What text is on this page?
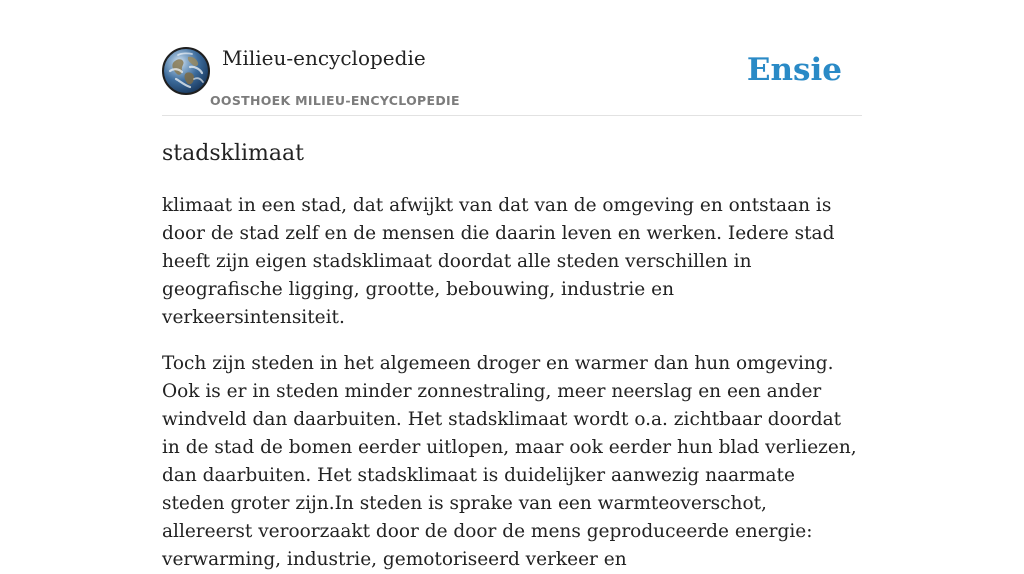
Milieu-encyclopedie
OOSTHOEK MILIEU-ENCYCLOPEDIE
Ensie
stadsklimaat

klimaat in een stad, dat afwijkt van dat van de omgeving en ontstaan is door de stad zelf en de mensen die daarin leven en werken. Iedere stad heeft zijn eigen stadsklimaat doordat alle steden verschillen in geografische ligging, grootte, bebouwing, industrie en verkeersintensiteit.

Toch zijn steden in het algemeen droger en warmer dan hun omgeving. Ook is er in steden minder zonnestraling, meer neerslag en een ander windveld dan daarbuiten. Het stadsklimaat wordt o.a. zichtbaar doordat in de stad de bomen eerder uitlopen, maar ook eerder hun blad verliezen, dan daarbuiten. Het stadsklimaat is duidelijker aanwezig naarmate steden groter zijn.In steden is sprake van een warmteoverschot, allereerst veroorzaakt door de door de mens geproduceerde energie: verwarming, industrie, gemotoriseerd verkeer en
